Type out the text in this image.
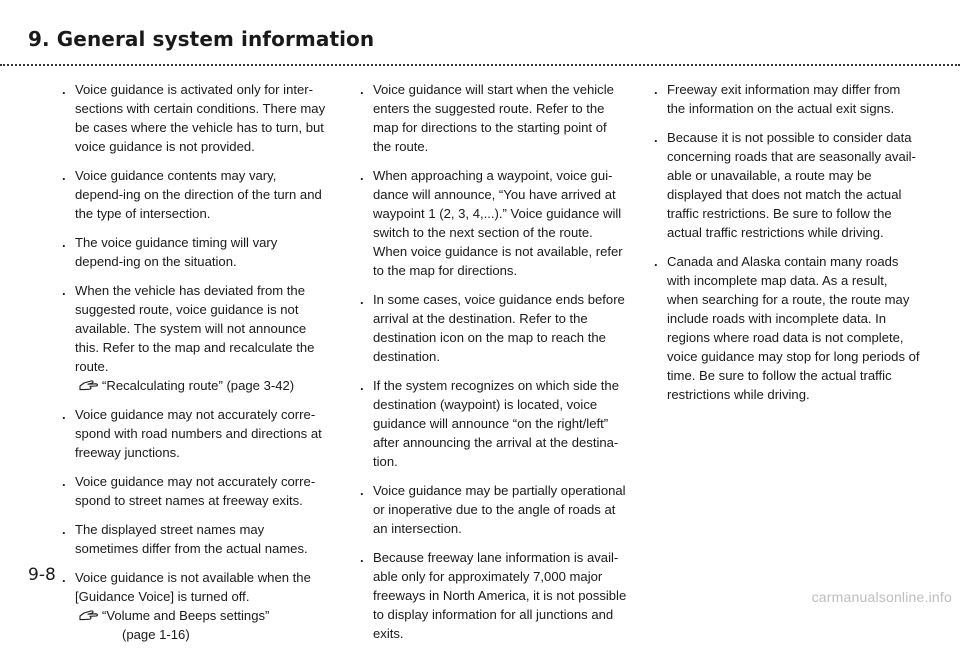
9. General system information
. Voice guidance is activated only for inter-sections with certain conditions. There may be cases where the vehicle has to turn, but voice guidance is not provided.
. Voice guidance contents may vary, depend-ing on the direction of the turn and the type of intersection.
. The voice guidance timing will vary depend-ing on the situation.
. When the vehicle has deviated from the suggested route, voice guidance is not available. The system will not announce this. Refer to the map and recalculate the route.
“Recalculating route” (page 3-42)
. Voice guidance may not accurately corre-spond with road numbers and directions at freeway junctions.
. Voice guidance may not accurately corre-spond to street names at freeway exits.
. The displayed street names may sometimes differ from the actual names.
. Voice guidance is not available when the [Guidance Voice] is turned off.
“Volume and Beeps settings”
(page 1-16)
. Voice guidance will start when the vehicle enters the suggested route. Refer to the map for directions to the starting point of the route.
. When approaching a waypoint, voice gui-dance will announce, “You have arrived at waypoint 1 (2, 3, 4,...).” Voice guidance will switch to the next section of the route. When voice guidance is not available, refer to the map for directions.
. In some cases, voice guidance ends before arrival at the destination. Refer to the destination icon on the map to reach the destination.
. If the system recognizes on which side the destination (waypoint) is located, voice guidance will announce “on the right/left” after announcing the arrival at the destina-tion.
. Voice guidance may be partially operational or inoperative due to the angle of roads at an intersection.
. Because freeway lane information is avail-able only for approximately 7,000 major freeways in North America, it is not possible to display information for all junctions and exits.
. Freeway exit information may differ from the information on the actual exit signs.
. Because it is not possible to consider data concerning roads that are seasonally avail-able or unavailable, a route may be displayed that does not match the actual traffic restrictions. Be sure to follow the actual traffic restrictions while driving.
. Canada and Alaska contain many roads with incomplete map data. As a result, when searching for a route, the route may include roads with incomplete data. In regions where road data is not complete, voice guidance may stop for long periods of time. Be sure to follow the actual traffic restrictions while driving.
9-8
carmanualsonline.info
